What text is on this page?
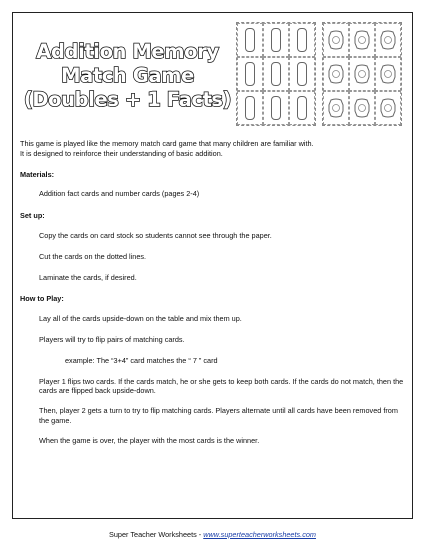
Addition Memory
Match Game
(Doubles + 1 Facts)
This game is played like the memory match card game that many children are familiar with.
It is designed to reinforce their understanding of basic addition.
Materials:
Addition fact cards and number cards (pages 2-4)
Set up:
Copy the cards on card stock so students cannot see through the paper.
Cut the cards on the dotted lines.
Laminate the cards, if desired.
How to Play:
Lay all of the cards upside-down on the table and mix them up.
Players will try to flip pairs of matching cards.
example: The “3+4” card matches the “ 7 ” card
Player 1 flips two cards. If the cards match, he or she gets to keep both cards. If the cards do not match, then the cards are flipped back upside-down.
Then, player 2 gets a turn to try to flip matching cards. Players alternate until all cards have been removed from the game.
When the game is over, the player with the most cards is the winner.
Super Teacher Worksheets - www.superteacherworksheets.com
